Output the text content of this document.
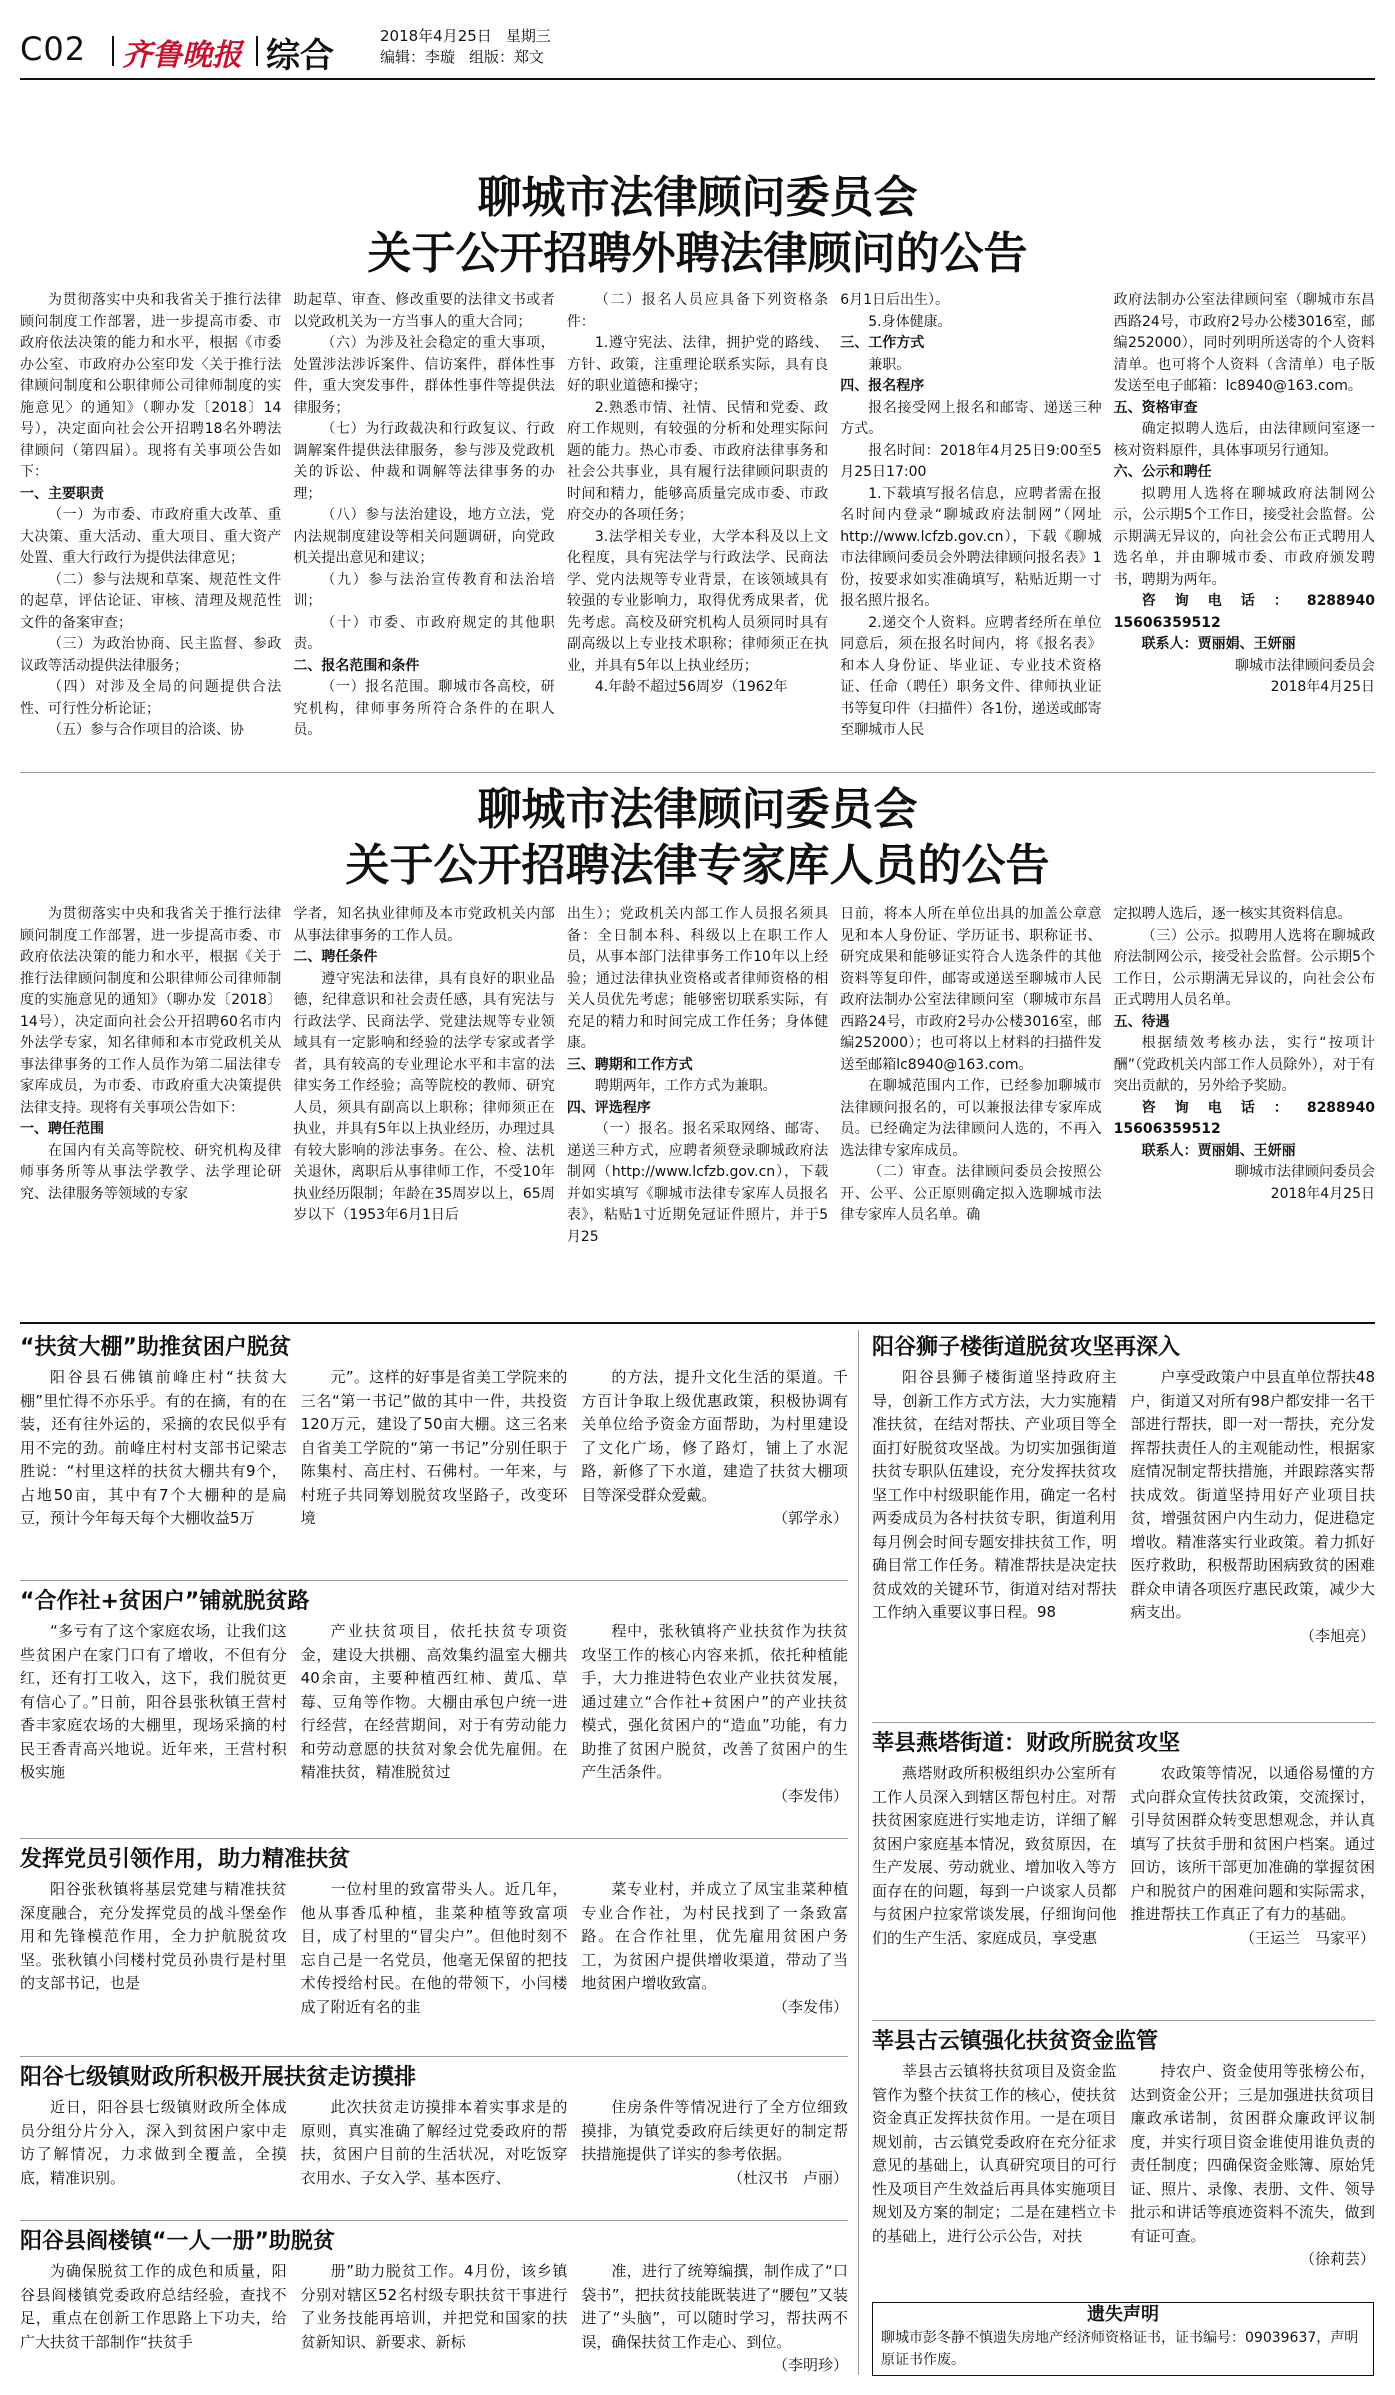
C02 齐鲁晚报 综合	2018年4月25日 星期三
编辑：李璇 组版：郑文
聊城市法律顾问委员会
关于公开招聘外聘法律顾问的公告

为贯彻落实中央和我省关于推行法律顾问制度工作部署，进一步提高市委、市政府依法决策的能力和水平，根据《市委办公室、市政府办公室印发〈关于推行法律顾问制度和公职律师公司律师制度的实施意见〉的通知》（聊办发〔2018〕14号），决定面向社会公开招聘18名外聘法律顾问（第四届）。现将有关事项公告如下：

一、主要职责

（一）为市委、市政府重大改革、重大决策、重大活动、重大项目、重大资产处置、重大行政行为提供法律意见；

（二）参与法规和草案、规范性文件的起草，评估论证、审核、清理及规范性文件的备案审查；

（三）为政治协商、民主监督、参政议政等活动提供法律服务；

（四）对涉及全局的问题提供合法性、可行性分析论证；

（五）参与合作项目的洽谈、协

助起草、审查、修改重要的法律文书或者以党政机关为一方当事人的重大合同；

（六）为涉及社会稳定的重大事项，处置涉法涉诉案件、信访案件，群体性事件，重大突发事件，群体性事件等提供法律服务；

（七）为行政裁决和行政复议、行政调解案件提供法律服务，参与涉及党政机关的诉讼、仲裁和调解等法律事务的办理；

（八）参与法治建设，地方立法，党内法规制度建设等相关问题调研，向党政机关提出意见和建议；

（九）参与法治宣传教育和法治培训；

（十）市委、市政府规定的其他职责。

二、报名范围和条件

（一）报名范围。聊城市各高校，研究机构，律师事务所符合条件的在职人员。

（二）报名人员应具备下列资格条件：

1.遵守宪法、法律，拥护党的路线、方针、政策，注重理论联系实际，具有良好的职业道德和操守；

2.熟悉市情、社情、民情和党委、政府工作规则，有较强的分析和处理实际问题的能力。热心市委、市政府法律事务和社会公共事业，具有履行法律顾问职责的时间和精力，能够高质量完成市委、市政府交办的各项任务；

3.法学相关专业，大学本科及以上文化程度，具有宪法学与行政法学、民商法学、党内法规等专业背景，在该领域具有较强的专业影响力，取得优秀成果者，优先考虑。高校及研究机构人员须同时具有副高级以上专业技术职称；律师须正在执业，并具有5年以上执业经历；

4.年龄不超过56周岁（1962年

6月1日后出生）。

5.身体健康。

三、工作方式

兼职。

四、报名程序

报名接受网上报名和邮寄、递送三种方式。

报名时间：2018年4月25日9:00至5月25日17:00

1.下载填写报名信息，应聘者需在报名时间内登录“聊城政府法制网”（网址http://www.lcfzb.gov.cn），下载《聊城市法律顾问委员会外聘法律顾问报名表》1份，按要求如实准确填写，粘贴近期一寸报名照片报名。

2.递交个人资料。应聘者经所在单位同意后，须在报名时间内，将《报名表》和本人身份证、毕业证、专业技术资格证、任命（聘任）职务文件、律师执业证书等复印件（扫描件）各1份，递送或邮寄至聊城市人民

政府法制办公室法律顾问室（聊城市东昌西路24号，市政府2号办公楼3016室，邮编252000），同时列明所送寄的个人资料清单。也可将个人资料（含清单）电子版发送至电子邮箱：lc8940@163.com。

五、资格审查

确定拟聘人选后，由法律顾问室逐一核对资料原件，具体事项另行通知。

六、公示和聘任

拟聘用人选将在聊城政府法制网公示，公示期5个工作日，接受社会监督。公示期满无异议的，向社会公布正式聘用人选名单，并由聊城市委、市政府颁发聘书，聘期为两年。

咨询电话：8288940 15606359512

联系人：贾丽娟、王妍丽

聊城市法律顾问委员会

2018年4月25日

聊城市法律顾问委员会
关于公开招聘法律专家库人员的公告

为贯彻落实中央和我省关于推行法律顾问制度工作部署，进一步提高市委、市政府依法决策的能力和水平，根据《关于推行法律顾问制度和公职律师公司律师制度的实施意见的通知》（聊办发〔2018〕14号），决定面向社会公开招聘60名市内外法学专家，知名律师和本市党政机关从事法律事务的工作人员作为第二届法律专家库成员，为市委、市政府重大决策提供法律支持。现将有关事项公告如下：

一、聘任范围

在国内有关高等院校、研究机构及律师事务所等从事法学教学、法学理论研究、法律服务等领域的专家

学者，知名执业律师及本市党政机关内部从事法律事务的工作人员。

二、聘任条件

遵守宪法和法律，具有良好的职业品德，纪律意识和社会责任感，具有宪法与行政法学、民商法学、党建法规等专业领域具有一定影响和经验的法学专家或者学者，具有较高的专业理论水平和丰富的法律实务工作经验；高等院校的教师、研究人员，须具有副高以上职称；律师须正在执业，并具有5年以上执业经历，办理过具有较大影响的涉法事务。在公、检、法机关退休，离职后从事律师工作，不受10年执业经历限制；年龄在35周岁以上，65周岁以下（1953年6月1日后

出生）；党政机关内部工作人员报名须具备：全日制本科、科级以上在职工作人员，从事本部门法律事务工作10年以上经验；通过法律执业资格或者律师资格的相关人员优先考虑；能够密切联系实际，有充足的精力和时间完成工作任务；身体健康。

三、聘期和工作方式

聘期两年，工作方式为兼职。

四、评选程序

（一）报名。报名采取网络、邮寄、递送三种方式，应聘者须登录聊城政府法制网（http://www.lcfzb.gov.cn），下载并如实填写《聊城市法律专家库人员报名表》，粘贴1寸近期免冠证件照片，并于5月25

日前，将本人所在单位出具的加盖公章意见和本人身份证、学历证书、职称证书、研究成果和能够证实符合人选条件的其他资料等复印件，邮寄或递送至聊城市人民政府法制办公室法律顾问室（聊城市东昌西路24号，市政府2号办公楼3016室，邮编252000）；也可将以上材料的扫描件发送至邮箱lc8940@163.com。

在聊城范围内工作，已经参加聊城市法律顾问报名的，可以兼报法律专家库成员。已经确定为法律顾问人选的，不再入选法律专家库成员。

（二）审查。法律顾问委员会按照公开、公平、公正原则确定拟入选聊城市法律专家库人员名单。确

定拟聘人选后，逐一核实其资料信息。

（三）公示。拟聘用人选将在聊城政府法制网公示，接受社会监督。公示期5个工作日，公示期满无异议的，向社会公布正式聘用人员名单。

五、待遇

根据绩效考核办法，实行“按项计酬”（党政机关内部工作人员除外），对于有突出贡献的，另外给予奖励。

咨询电话：8288940 15606359512

联系人：贾丽娟、王妍丽

聊城市法律顾问委员会

2018年4月25日

“扶贫大棚”助推贫困户脱贫

阳谷县石佛镇前峰庄村“扶贫大棚”里忙得不亦乐乎。有的在摘，有的在装，还有往外运的，采摘的农民似乎有用不完的劲。前峰庄村村支部书记梁志胜说：“村里这样的扶贫大棚共有9个，占地50亩，其中有7个大棚种的是扁豆，预计今年每天每个大棚收益5万

元”。这样的好事是省美工学院来的三名“第一书记”做的其中一件，共投资120万元，建设了50亩大棚。这三名来自省美工学院的“第一书记”分别任职于陈集村、高庄村、石佛村。一年来，与村班子共同筹划脱贫攻坚路子，改变环境

的方法，提升文化生活的渠道。千方百计争取上级优惠政策，积极协调有关单位给予资金方面帮助，为村里建设了文化广场，修了路灯，铺上了水泥路，新修了下水道，建造了扶贫大棚项目等深受群众爱戴。

（郭学永）

“合作社+贫困户”铺就脱贫路

“多亏有了这个家庭农场，让我们这些贫困户在家门口有了增收，不但有分红，还有打工收入，这下，我们脱贫更有信心了。”日前，阳谷县张秋镇王营村香丰家庭农场的大棚里，现场采摘的村民王香青高兴地说。近年来，王营村积极实施

产业扶贫项目，依托扶贫专项资金，建设大拱棚、高效集约温室大棚共40余亩，主要种植西红柿、黄瓜、草莓、豆角等作物。大棚由承包户统一进行经营，在经营期间，对于有劳动能力和劳动意愿的扶贫对象会优先雇佣。在精准扶贫，精准脱贫过

程中，张秋镇将产业扶贫作为扶贫攻坚工作的核心内容来抓，依托种植能手，大力推进特色农业产业扶贫发展，通过建立“合作社+贫困户”的产业扶贫模式，强化贫困户的“造血”功能，有力助推了贫困户脱贫，改善了贫困户的生产生活条件。

（李发伟）

发挥党员引领作用，助力精准扶贫

阳谷张秋镇将基层党建与精准扶贫深度融合，充分发挥党员的战斗堡垒作用和先锋模范作用，全力护航脱贫攻坚。张秋镇小闫楼村党员孙贵行是村里的支部书记，也是

一位村里的致富带头人。近几年，他从事香瓜种植，韭菜种植等致富项目，成了村里的“冒尖户”。但他时刻不忘自己是一名党员，他毫无保留的把技术传授给村民。在他的带领下，小闫楼成了附近有名的韭

菜专业村，并成立了凤宝韭菜种植专业合作社，为村民找到了一条致富路。在合作社里，优先雇用贫困户务工，为贫困户提供增收渠道，带动了当地贫困户增收致富。

（李发伟）

阳谷七级镇财政所积极开展扶贫走访摸排

近日，阳谷县七级镇财政所全体成员分组分片分入，深入到贫困户家中走访了解情况，力求做到全覆盖，全摸底，精准识别。

此次扶贫走访摸排本着实事求是的原则，真实准确了解经过党委政府的帮扶，贫困户目前的生活状况，对吃饭穿衣用水、子女入学、基本医疗、

住房条件等情况进行了全方位细致摸排，为镇党委政府后续更好的制定帮扶措施提供了详实的参考依据。

（杜汉书　卢丽）

阳谷县阎楼镇“一人一册”助脱贫

为确保脱贫工作的成色和质量，阳谷县阎楼镇党委政府总结经验，查找不足，重点在创新工作思路上下功夫，给广大扶贫干部制作“扶贫手

册”助力脱贫工作。4月份，该乡镇分别对辖区52名村级专职扶贫干事进行了业务技能再培训，并把党和国家的扶贫新知识、新要求、新标

准，进行了统筹编撰，制作成了“口袋书”，把扶贫技能既装进了“腰包”又装进了“头脑”，可以随时学习，帮扶两不误，确保扶贫工作走心、到位。

（李明珍）

阳谷狮子楼街道脱贫攻坚再深入

阳谷县狮子楼街道坚持政府主导，创新工作方式方法，大力实施精准扶贫，在结对帮扶、产业项目等全面打好脱贫攻坚战。为切实加强街道扶贫专职队伍建设，充分发挥扶贫攻坚工作中村级职能作用，确定一名村两委成员为各村扶贫专职，街道利用每月例会时间专题安排扶贫工作，明确目常工作任务。精准帮扶是决定扶贫成效的关键环节，街道对结对帮扶工作纳入重要议事日程。98

户享受政策户中县直单位帮扶48户，街道又对所有98户都安排一名干部进行帮扶，即一对一帮扶，充分发挥帮扶责任人的主观能动性，根据家庭情况制定帮扶措施，并跟踪落实帮扶成效。街道坚持用好产业项目扶贫，增强贫困户内生动力，促进稳定增收。精准落实行业政策。着力抓好医疗救助，积极帮助困病致贫的困难群众申请各项医疗惠民政策，减少大病支出。

（李旭亮）

莘县燕塔街道：财政所脱贫攻坚

燕塔财政所积极组织办公室所有工作人员深入到辖区帮包村庄。对帮扶贫困家庭进行实地走访，详细了解贫困户家庭基本情况，致贫原因，在生产发展、劳动就业、增加收入等方面存在的问题，每到一户谈家人员都与贫困户拉家常谈发展，仔细询问他们的生产生活、家庭成员，享受惠

农政策等情况，以通俗易懂的方式向群众宣传扶贫政策，交流探讨，引导贫困群众转变思想观念，并认真填写了扶贫手册和贫困户档案。通过回访，该所干部更加准确的掌握贫困户和脱贫户的困难问题和实际需求，推进帮扶工作真正了有力的基础。

（王运兰　马家平）

莘县古云镇强化扶贫资金监管

莘县古云镇将扶贫项目及资金监管作为整个扶贫工作的核心，使扶贫资金真正发挥扶贫作用。一是在项目规划前，古云镇党委政府在充分征求意见的基础上，认真研究项目的可行性及项目产生效益后再具体实施项目规划及方案的制定；二是在建档立卡的基础上，进行公示公告，对扶

持农户、资金使用等张榜公布，达到资金公开；三是加强进扶贫项目廉政承诺制，贫困群众廉政评议制度，并实行项目资金谁使用谁负责的责任制度；四确保资金账簿、原始凭证、照片、录像、表册、文件、领导批示和讲话等痕迹资料不流失，做到有证可查。

（徐莉芸）

遗失声明
聊城市彭冬静不慎遗失房地产经济师资格证书，证书编号：09039637，声明原证书作废。
